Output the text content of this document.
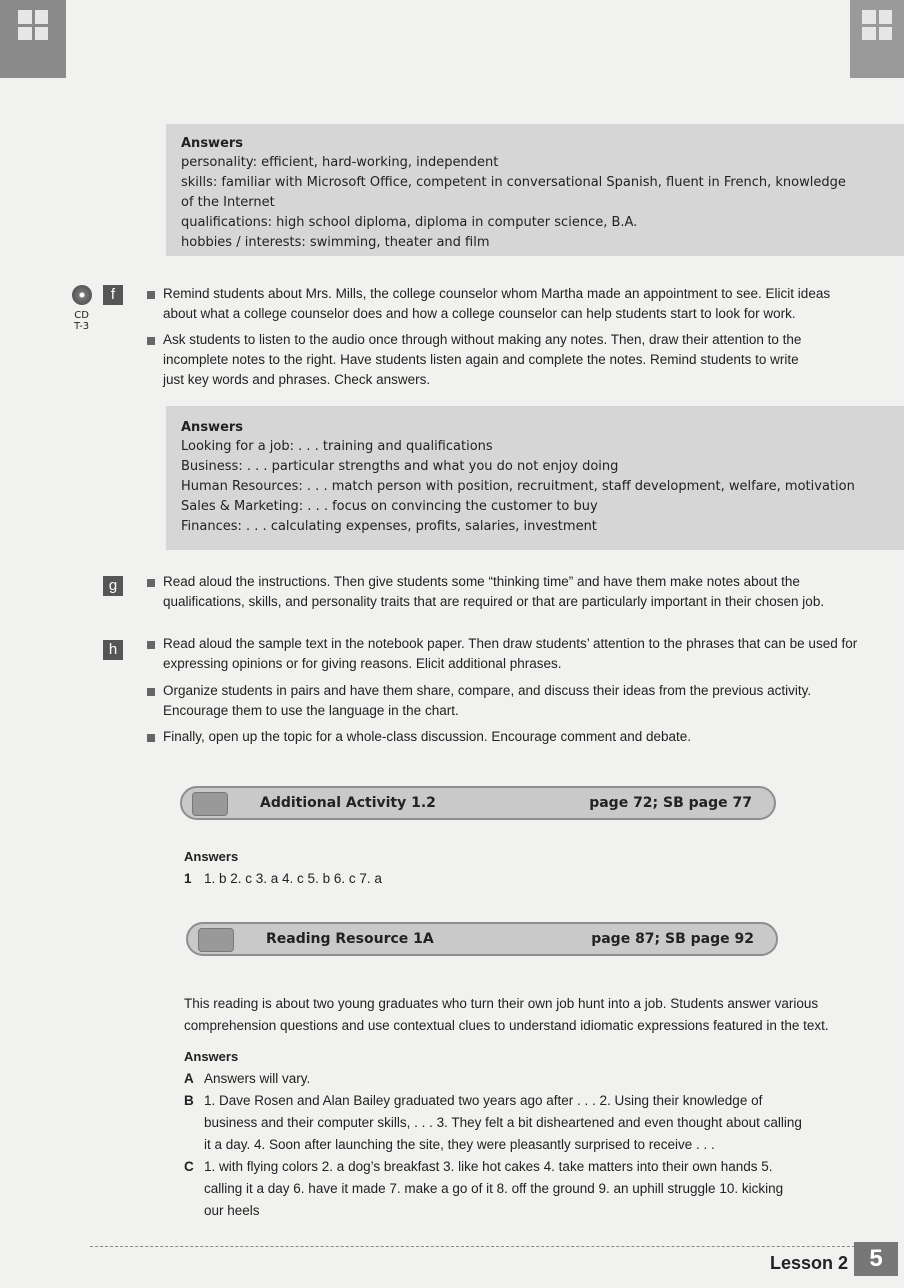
Answers
personality: efficient, hard-working, independent
skills: familiar with Microsoft Office, competent in conversational Spanish, fluent in French, knowledge
of the Internet
qualifications: high school diploma, diploma in computer science, B.A.
hobbies / interests: swimming, theater and film
CD
T-3
f	Remind students about Mrs. Mills, the college counselor whom Martha made an appointment to see. Elicit ideas
about what a college counselor does and how a college counselor can help students start to look for work.
Ask students to listen to the audio once through without making any notes. Then, draw their attention to the
incomplete notes to the right. Have students listen again and complete the notes. Remind students to write
just key words and phrases. Check answers.
Answers
Looking for a job: . . . training and qualifications
Business: . . . particular strengths and what you do not enjoy doing
Human Resources: . . . match person with position, recruitment, staff development, welfare, motivation
Sales & Marketing: . . . focus on convincing the customer to buy
Finances: . . . calculating expenses, profits, salaries, investment
g	Read aloud the instructions. Then give students some “thinking time” and have them make notes about the
qualifications, skills, and personality traits that are required or that are particularly important in their chosen job.
h	Read aloud the sample text in the notebook paper. Then draw students’ attention to the phrases that can be used for
expressing opinions or for giving reasons. Elicit additional phrases.
Organize students in pairs and have them share, compare, and discuss their ideas from the previous activity.
Encourage them to use the language in the chart.
Finally, open up the topic for a whole-class discussion. Encourage comment and debate.
Additional Activity 1.2	page 72; SB page 77
Answers
1 1. b 2. c 3. a 4. c 5. b 6. c 7. a
Reading Resource 1A	page 87; SB page 92
This reading is about two young graduates who turn their own job hunt into a job. Students answer various
comprehension questions and use contextual clues to understand idiomatic expressions featured in the text.
Answers
A Answers will vary.
B 1. Dave Rosen and Alan Bailey graduated two years ago after . . . 2. Using their knowledge of
business and their computer skills, . . . 3. They felt a bit disheartened and even thought about calling
it a day. 4. Soon after launching the site, they were pleasantly surprised to receive . . .
C 1. with flying colors 2. a dog’s breakfast 3. like hot cakes 4. take matters into their own hands 5.
calling it a day 6. have it made 7. make a go of it 8. off the ground 9. an uphill struggle 10. kicking
our heels
Lesson 2 5
